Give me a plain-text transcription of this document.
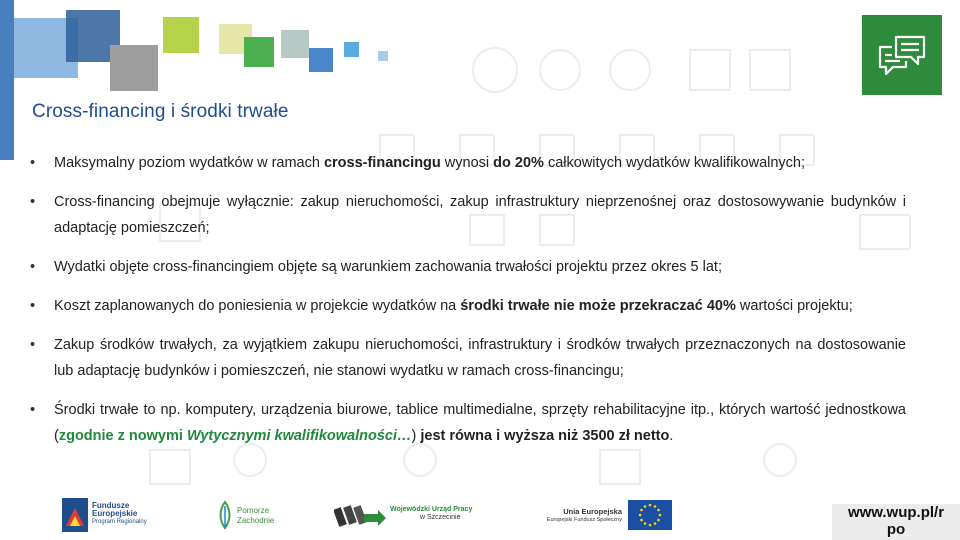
Cross-financing i środki trwałe
• Maksymalny poziom wydatków w ramach cross-financingu wynosi do 20% całkowitych wydatków kwalifikowalnych;
• Cross-financing obejmuje wyłącznie: zakup nieruchomości, zakup infrastruktury nieprzenośnej oraz dostosowywanie budynków i adaptację pomieszczeń;
• Wydatki objęte cross-financingiem objęte są warunkiem zachowania trwałości projektu przez okres 5 lat;
• Koszt zaplanowanych do poniesienia w projekcie wydatków na środki trwałe nie może przekraczać 40% wartości projektu;
• Zakup środków trwałych, za wyjątkiem zakupu nieruchomości, infrastruktury i środków trwałych przeznaczonych na dostosowanie lub adaptację budynków i pomieszczeń, nie stanowi wydatku w ramach cross-financingu;
• Środki trwałe to np. komputery, urządzenia biurowe, tablice multimedialne, sprzęty rehabilitacyjne itp., których wartość jednostkowa (zgodnie z nowymi Wytycznymi kwalifikowalności…) jest równa i wyższa niż 3500 zł netto.
Fundusze
Europejskie
Program Regionalny
Pomorze
Zachodnie
Wojewódzki Urząd Pracy
w Szczecinie
Unia Europejska
Europejski Fundusz Społeczny	www.wup.pl/r
po
